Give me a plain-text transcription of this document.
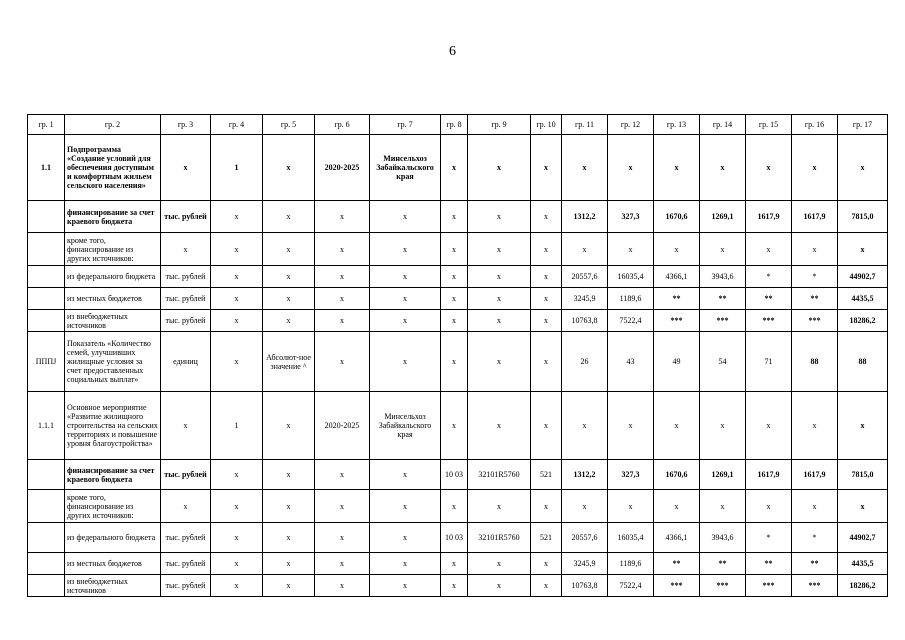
6
гр. 1	гр. 2	гр. 3	гр. 4	гр. 5	гр. 6	гр. 7	гр. 8	гр. 9	гр. 10	гр. 11	гр. 12	гр. 13	гр. 14	гр. 15	гр. 16	гр. 17
1.1	Подпрограмма «Создание условий для обеспечения доступным и комфортным жильем сельского населения»	x	1	x	2020-2025	Минсельхоз Забайкальского края	x	x	x	x	x	x	x	x	x	x
	финансирование за счет краевого бюджета	тыс. рублей	x	x	x	x	x	x	x	1312,2	327,3	1670,6	1269,1	1617,9	1617,9	7815,0
	кроме того, финансирование из других источников:	x	x	x	x	x	x	x	x	x	x	x	x	x	x	x
	из федерального бюджета	тыс. рублей	x	x	x	x	x	x	x	20557,6	16035,4	4366,1	3943,6	*	*	44902,7
	из местных бюджетов	тыс. рублей	x	x	x	x	x	x	x	3245,9	1189,6	**	**	**	**	4435,5
	из внебюджетных источников	тыс. рублей	x	x	x	x	x	x	x	10763,8	7522,4	***	***	***	***	18286,2
ПППЈ	Показатель «Количество семей, улучшивших жилищные условия за счет предоставленных социальных выплат»	единиц	x	Абсолют-ное значение ^	x	x	x	x	x	26	43	49	54	71	88	88
1.1.1	Основное мероприятие «Развитие жилищного строительства на сельских территориях и повышение уровня благоустройства»	x	1	x	2020-2025	Минсельхоз Забайкальского края	x	x	x	x	x	x	x	x	x	x
	финансирование за счет краевого бюджета	тыс. рублей	x	x	x	x	10 03	32101R5760	521	1312,2	327,3	1670,6	1269,1	1617,9	1617,9	7815,0
	кроме того, финансирование из других источников:	x	x	x	x	x	x	x	x	x	x	x	x	x	x	x
	из федерального бюджета	тыс. рублей	x	x	x	x	10 03	32101R5760	521	20557,6	16035,4	4366,1	3943,6	*	*	44902,7
	из местных бюджетов	тыс. рублей	x	x	x	x	x	x	x	3245,9	1189,6	**	**	**	**	4435,5
	из внебюджетных источников	тыс. рублей	x	x	x	x	x	x	x	10763,8	7522,4	***	***	***	***	18286,2
